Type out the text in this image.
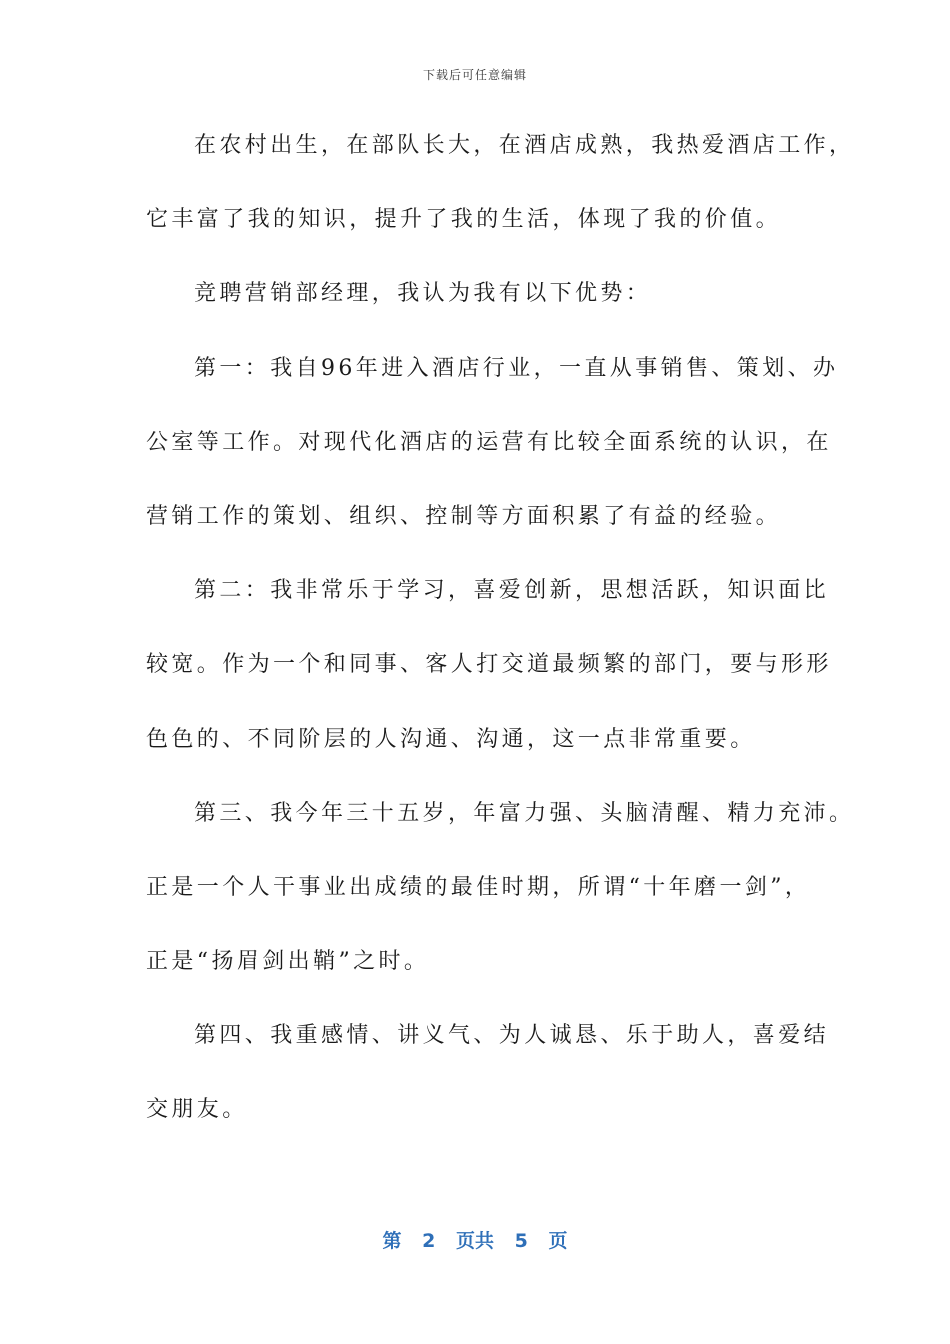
下载后可任意编辑
在农村出生，在部队长大，在酒店成熟，我热爱酒店工作，
它丰富了我的知识，提升了我的生活，体现了我的价值。
竞聘营销部经理，我认为我有以下优势：
第一：我自96年进入酒店行业，一直从事销售、策划、办
公室等工作。对现代化酒店的运营有比较全面系统的认识，在
营销工作的策划、组织、控制等方面积累了有益的经验。
第二：我非常乐于学习，喜爱创新，思想活跃，知识面比
较宽。作为一个和同事、客人打交道最频繁的部门，要与形形
色色的、不同阶层的人沟通、沟通，这一点非常重要。
第三、我今年三十五岁，年富力强、头脑清醒、精力充沛。
正是一个人干事业出成绩的最佳时期，所谓“十年磨一剑”，
正是“扬眉剑出鞘”之时。
第四、我重感情、讲义气、为人诚恳、乐于助人，喜爱结
交朋友。
第 2 页共 5 页
